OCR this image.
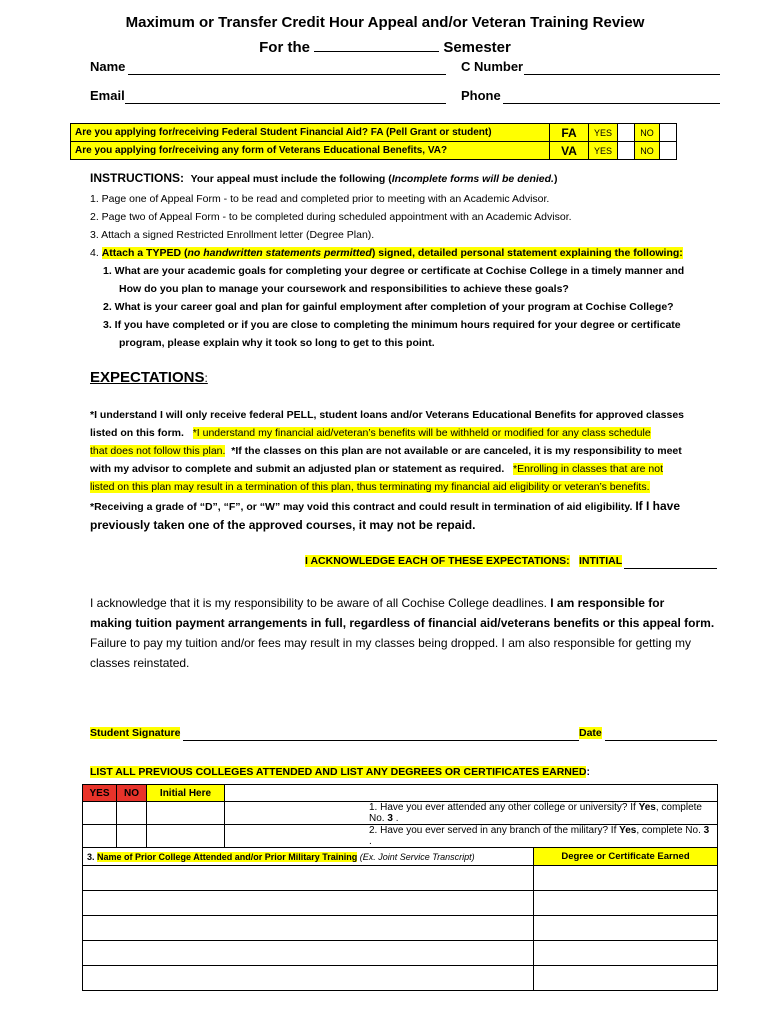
Maximum or Transfer Credit Hour Appeal and/or Veteran Training Review
For the	Semester
Name	C Number
Email	Phone
Are you applying for/receiving Federal Student Financial Aid? FA (Pell Grant or student)	FA	YES		NO	
Are you applying for/receiving any form of Veterans Educational Benefits, VA?	VA	YES		NO	
INSTRUCTIONS: Your appeal must include the following (Incomplete forms will be denied.)
1. Page one of Appeal Form - to be read and completed prior to meeting with an Academic Advisor.
2. Page two of Appeal Form - to be completed during scheduled appointment with an Academic Advisor.
3. Attach a signed Restricted Enrollment letter (Degree Plan).
4. Attach a TYPED (no handwritten statements permitted) signed, detailed personal statement explaining the following:
1. What are your academic goals for completing your degree or certificate at Cochise College in a timely manner and
How do you plan to manage your coursework and responsibilities to achieve these goals?
2. What is your career goal and plan for gainful employment after completion of your program at Cochise College?
3. If you have completed or if you are close to completing the minimum hours required for your degree or certificate
program, please explain why it took so long to get to this point.
EXPECTATIONS:
*I understand I will only receive federal PELL, student loans and/or Veterans Educational Benefits for approved classes
listed on this form. *I understand my financial aid/veteran’s benefits will be withheld or modified for any class schedule
that does not follow this plan. *If the classes on this plan are not available or are canceled, it is my responsibility to meet
with my advisor to complete and submit an adjusted plan or statement as required. *Enrolling in classes that are not
listed on this plan may result in a termination of this plan, thus terminating my financial aid eligibility or veteran’s benefits.
*Receiving a grade of “D”, “F”, or “W” may void this contract and could result in termination of aid eligibility. If I have
previously taken one of the approved courses, it may not be repaid.
I ACKNOWLEDGE EACH OF THESE EXPECTATIONS: INTITIAL
I acknowledge that it is my responsibility to be aware of all Cochise College deadlines. I am responsible for
making tuition payment arrangements in full, regardless of financial aid/veterans benefits or this appeal form.
Failure to pay my tuition and/or fees may result in my classes being dropped. I am also responsible for getting my
classes reinstated.
Student Signature	Date
LIST ALL PREVIOUS COLLEGES ATTENDED AND LIST ANY DEGREES OR CERTIFICATES EARNED:
YES	NO	Initial Here		
			1. Have you ever attended any other college or university? If Yes, complete No. 3 .	
			2. Have you ever served in any branch of the military? If Yes, complete No. 3 .	
3. Name of Prior College Attended and/or Prior Military Training (Ex. Joint Service Transcript)				Degree or Certificate Earned
